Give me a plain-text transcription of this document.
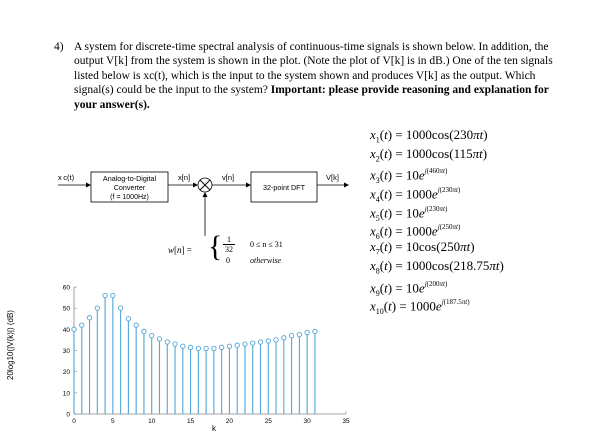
4) A system for discrete-time spectral analysis of continuous-time signals is shown below. In addition, the output V[k] from the system is shown in the plot. (Note the plot of V[k] is in dB.) One of the ten signals listed below is xc(t), which is the input to the system shown and produces V[k] as the output. Which signal(s) could be the input to the system? Important: please provide reasoning and explanation for your answer(s).
$x_1(t) = 1000\cos(230\pi t)$
$x_2(t) = 1000\cos(115\pi t)$
$x_3(t) = 10e^{j(460\pi t)}$
$x_4(t) = 1000e^{j(230\pi t)}$
$x_5(t) = 10e^{j(230\pi t)}$
$x_6(t) = 1000e^{j(250\pi t)}$
$x_7(t) = 10\cos(250\pi t)$
$x_8(t) = 1000\cos(218.75\pi t)$
$x_9(t) = 10e^{j(200\pi t)}$
$x_{10}(t) = 1000e^{j(187.5\pi t)}$
x c(t)	Analog-to-Digital
Converter
(f = 1000Hz)
x[n]	v[n]
32-point DFT
V[k]
w[n] = { 1
32
0 ≤ n ≤ 31
0	otherwise
0
10
20
30
40
50
60
0	5	10	15	20	25	30	35
20log10(|V(k)|) (dB)
k
